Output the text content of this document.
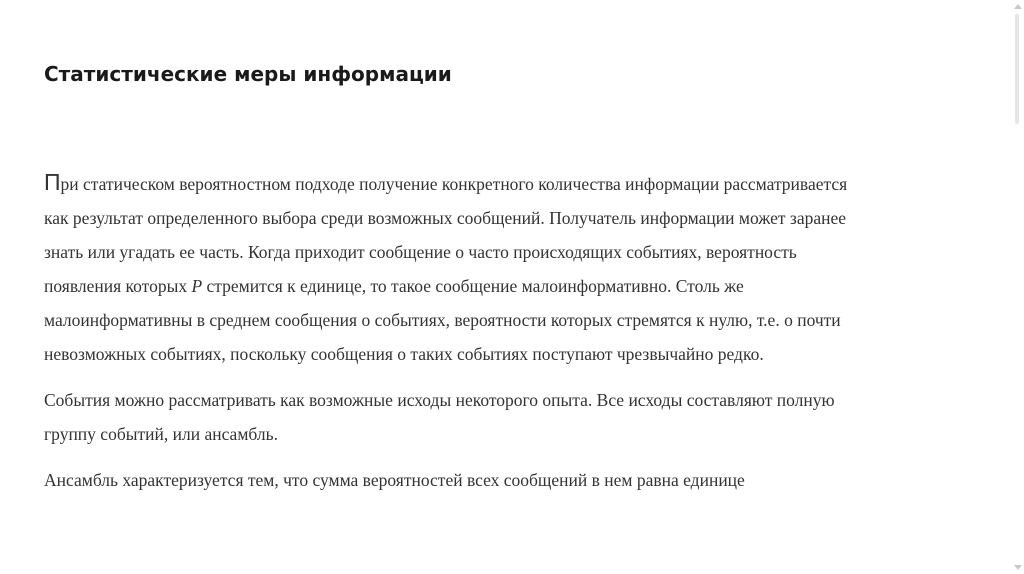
Статистические меры информации

При статическом вероятностном подходе получение конкретного количества информации рассматривается
как результат определенного выбора среди возможных сообщений. Получатель информации может заранее
знать или угадать ее часть. Когда приходит сообщение о часто происходящих событиях, вероятность
появления которых P стремится к единице, то такое сообщение малоинформативно. Столь же
малоинформативны в среднем сообщения о событиях, вероятности которых стремятся к нулю, т.е. о почти
невозможных событиях, поскольку сообщения о таких событиях поступают чрезвычайно редко.

События можно рассматривать как возможные исходы некоторого опыта. Все исходы составляют полную
группу событий, или ансамбль.

Ансамбль характеризуется тем, что сумма вероятностей всех сообщений в нем равна единице
